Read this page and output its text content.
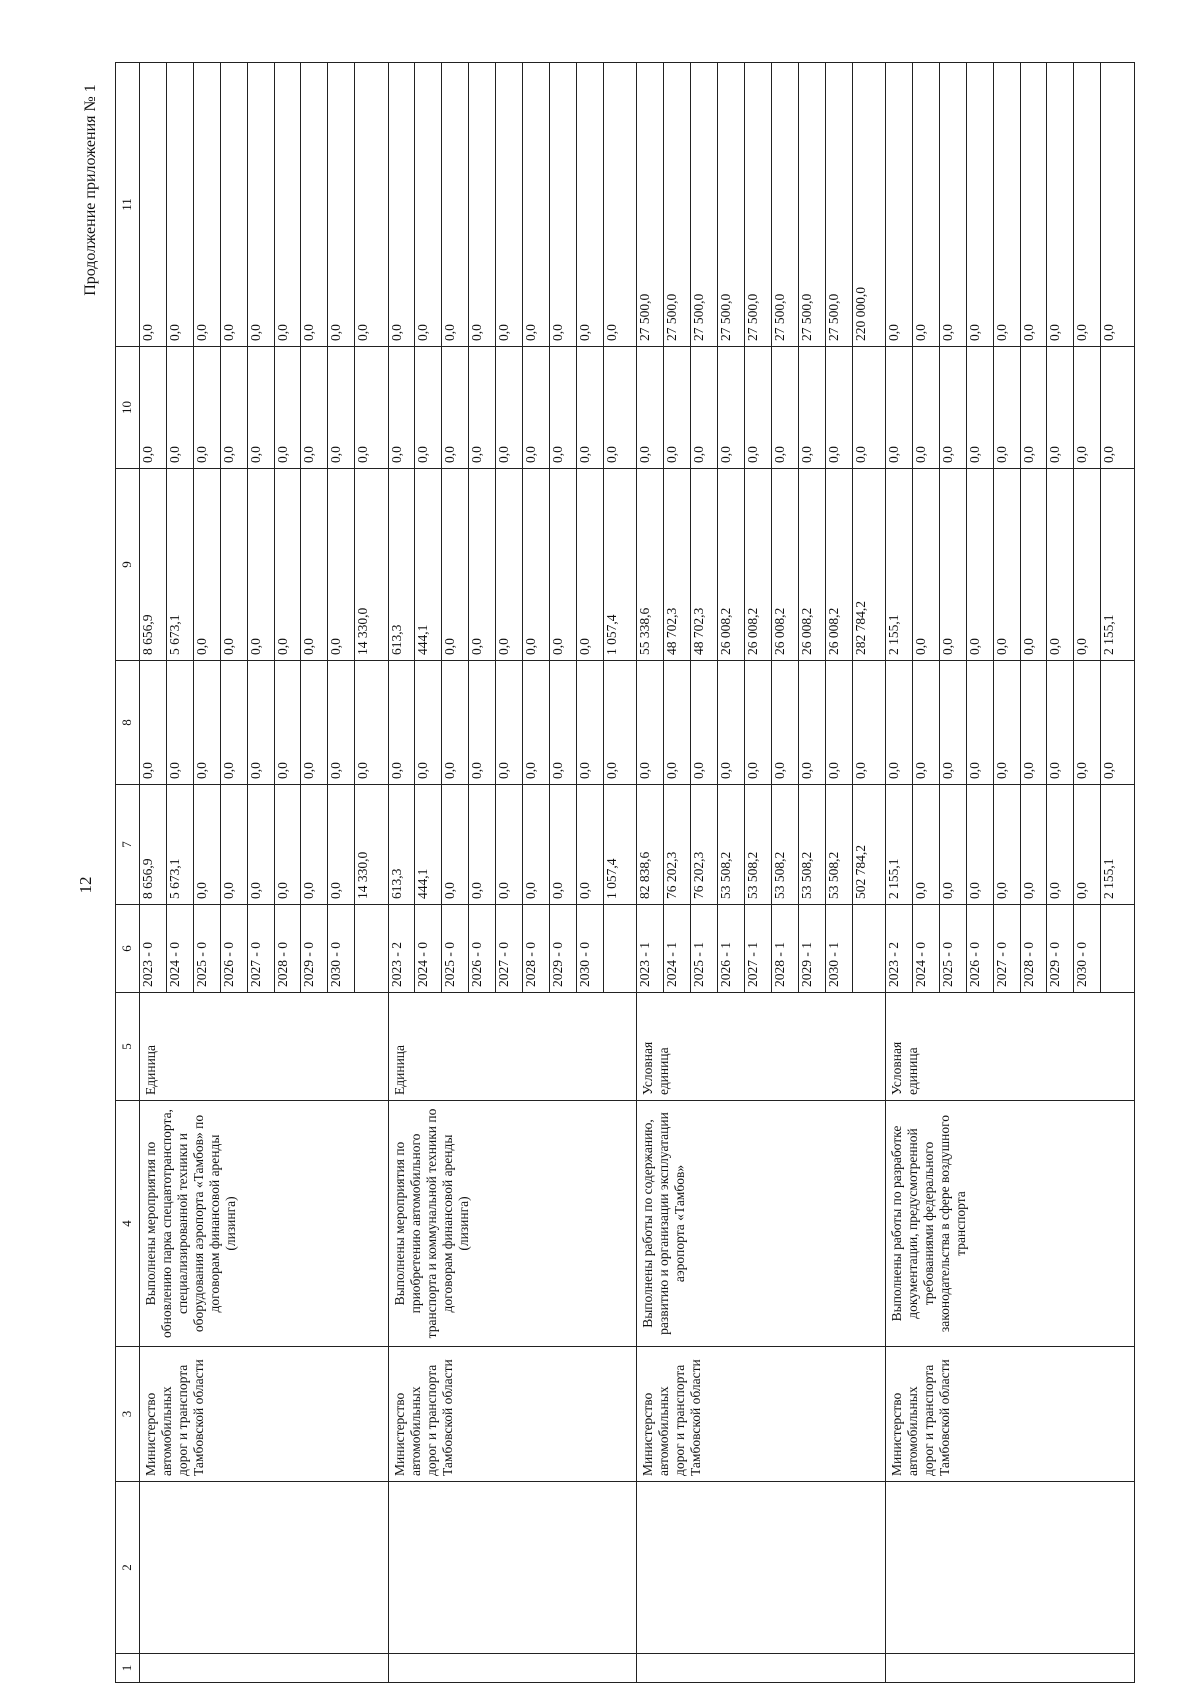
12
Продолжение приложения № 1
1	2	3	4	5	6	7	8	9	10	11
		Министерство автомобильных дорог и транспорта Тамбовской области	Выполнены мероприятия по обновлению парка спецавтотранспорта, специализированной техники и оборудования аэропорта «Тамбов» по договорам финансовой аренды (лизинга)	Единица	2023 - 0	8 656,9	0,0	8 656,9	0,0	0,0
					2024 - 0	5 673,1	0,0	5 673,1	0,0	0,0
					2025 - 0	0,0	0,0	0,0	0,0	0,0
					2026 - 0	0,0	0,0	0,0	0,0	0,0
					2027 - 0	0,0	0,0	0,0	0,0	0,0
					2028 - 0	0,0	0,0	0,0	0,0	0,0
					2029 - 0	0,0	0,0	0,0	0,0	0,0
					2030 - 0	0,0	0,0	0,0	0,0	0,0
						14 330,0	0,0	14 330,0	0,0	0,0
		Министерство автомобильных дорог и транспорта Тамбовской области	Выполнены мероприятия по приобретению автомобильного транспорта и коммунальной техники по договорам финансовой аренды (лизинга)	Единица	2023 - 2	613,3	0,0	613,3	0,0	0,0
					2024 - 0	444,1	0,0	444,1	0,0	0,0
					2025 - 0	0,0	0,0	0,0	0,0	0,0
					2026 - 0	0,0	0,0	0,0	0,0	0,0
					2027 - 0	0,0	0,0	0,0	0,0	0,0
					2028 - 0	0,0	0,0	0,0	0,0	0,0
					2029 - 0	0,0	0,0	0,0	0,0	0,0
					2030 - 0	0,0	0,0	0,0	0,0	0,0
						1 057,4	0,0	1 057,4	0,0	0,0
		Министерство автомобильных дорог и транспорта Тамбовской области	Выполнены работы по содержанию, развитию и организации эксплуатации аэропорта «Тамбов»	Условная единица	2023 - 1	82 838,6	0,0	55 338,6	0,0	27 500,0
					2024 - 1	76 202,3	0,0	48 702,3	0,0	27 500,0
					2025 - 1	76 202,3	0,0	48 702,3	0,0	27 500,0
					2026 - 1	53 508,2	0,0	26 008,2	0,0	27 500,0
					2027 - 1	53 508,2	0,0	26 008,2	0,0	27 500,0
					2028 - 1	53 508,2	0,0	26 008,2	0,0	27 500,0
					2029 - 1	53 508,2	0,0	26 008,2	0,0	27 500,0
					2030 - 1	53 508,2	0,0	26 008,2	0,0	27 500,0
						502 784,2	0,0	282 784,2	0,0	220 000,0
		Министерство автомобильных дорог и транспорта Тамбовской области	Выполнены работы по разработке документации, предусмотренной требованиями федерального законодательства в сфере воздушного транспорта	Условная единица	2023 - 2	2 155,1	0,0	2 155,1	0,0	0,0
					2024 - 0	0,0	0,0	0,0	0,0	0,0
					2025 - 0	0,0	0,0	0,0	0,0	0,0
					2026 - 0	0,0	0,0	0,0	0,0	0,0
					2027 - 0	0,0	0,0	0,0	0,0	0,0
					2028 - 0	0,0	0,0	0,0	0,0	0,0
					2029 - 0	0,0	0,0	0,0	0,0	0,0
					2030 - 0	0,0	0,0	0,0	0,0	0,0
						2 155,1	0,0	2 155,1	0,0	0,0
